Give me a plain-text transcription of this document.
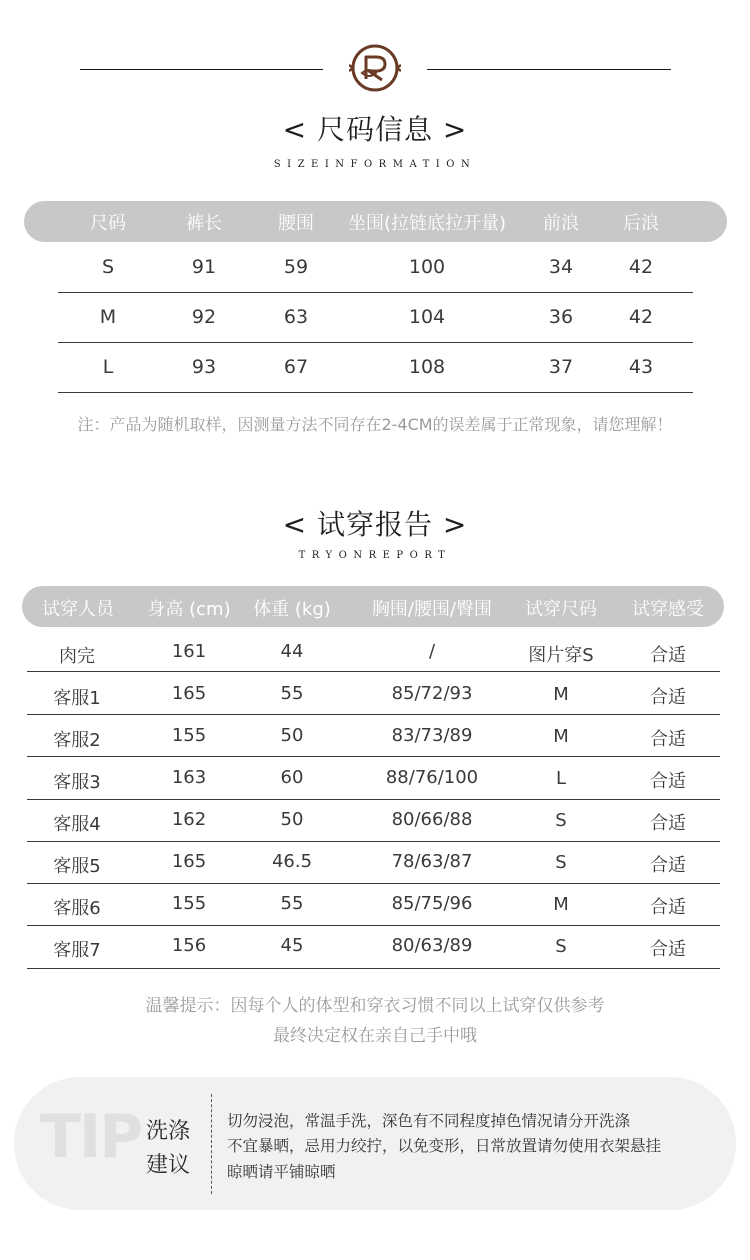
< 尺码信息 >
SIZEINFORMATION
尺码	裤长	腰围	坐围(拉链底拉开量)	前浪	后浪
S	91	59	100	34	42
M	92	63	104	36	42
L	93	67	108	37	43
注：产品为随机取样，因测量方法不同存在2-4CM的误差属于正常现象，请您理解！
< 试穿报告 >
TRYONREPORT
试穿人员	身高 (cm)	体重 (kg)	胸围/腰围/臀围	试穿尺码	试穿感受
肉完	161	44	/	图片穿S	合适
客服1	165	55	85/72/93	M	合适
客服2	155	50	83/73/89	M	合适
客服3	163	60	88/76/100	L	合适
客服4	162	50	80/66/88	S	合适
客服5	165	46.5	78/63/87	S	合适
客服6	155	55	85/75/96	M	合适
客服7	156	45	80/63/89	S	合适
温馨提示：因每个人的体型和穿衣习惯不同以上试穿仅供参考
最终决定权在亲自己手中哦
TIP 洗涤
建议
切勿浸泡，常温手洗，深色有不同程度掉色情况请分开洗涤
不宜暴晒，忌用力绞拧，以免变形，日常放置请勿使用衣架悬挂
晾晒请平铺晾晒
